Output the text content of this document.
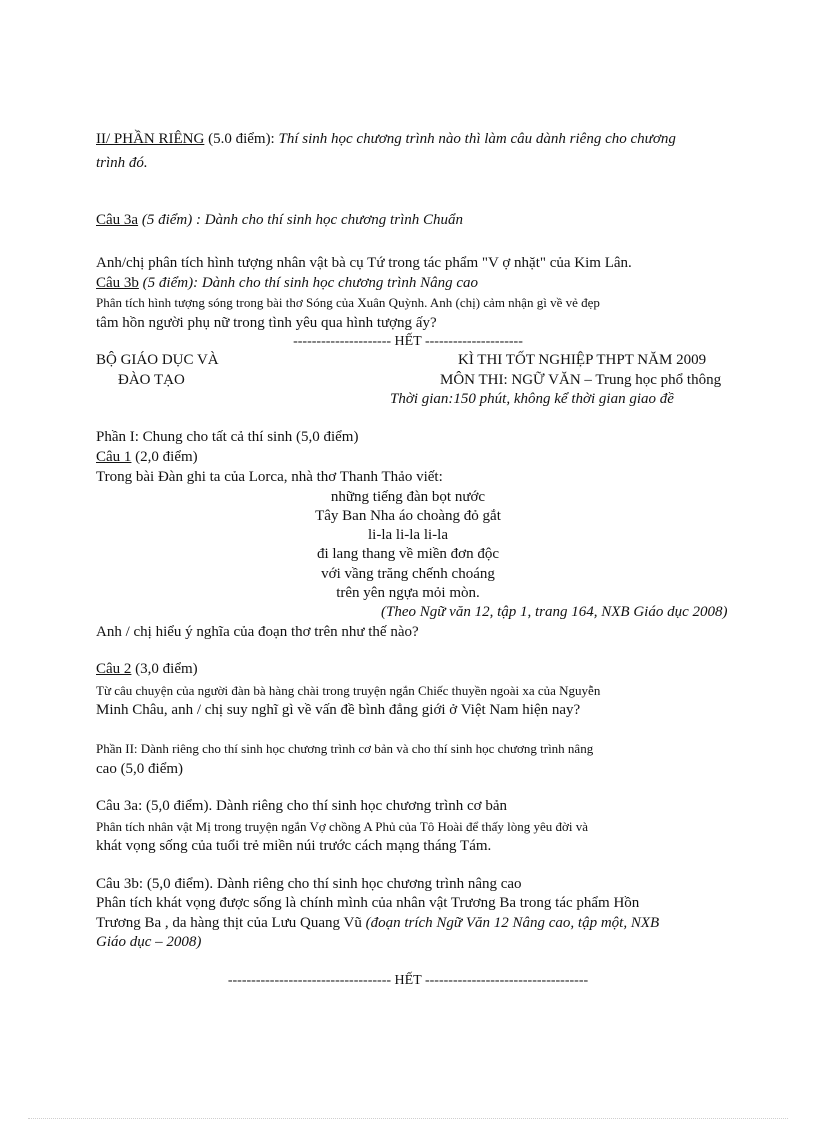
II/ PHẦN RIÊNG (5.0 điểm): Thí sinh học chương trình nào thì làm câu dành riêng cho chương
trình đó.
Câu 3a (5 điểm) : Dành cho thí sinh học chương trình Chuẩn
Anh/chị phân tích hình tượng nhân vật bà cụ Tứ trong tác phẩm "V ợ nhặt" của Kim Lân.
Câu 3b (5 điểm): Dành cho thí sinh học chương trình Nâng cao
Phân tích hình tượng sóng trong bài thơ Sóng của Xuân Quỳnh. Anh (chị) cảm nhận gì về vẻ đẹp
tâm hồn người phụ nữ trong tình yêu qua hình tượng ấy?
--------------------- HẾT ---------------------
BỘ GIÁO DỤC VÀ
ĐÀO TẠO
KÌ THI TỐT NGHIỆP THPT NĂM 2009
MÔN THI: NGỮ VĂN – Trung học phổ thông
Thời gian:150 phút, không kể thời gian giao đề
Phần I: Chung cho tất cả thí sinh (5,0 điểm)
Câu 1 (2,0 điểm)
Trong bài Đàn ghi ta của Lorca, nhà thơ Thanh Thảo viết:
những tiếng đàn bọt nước
Tây Ban Nha áo choàng đỏ gắt
li-la li-la li-la
đi lang thang về miền đơn độc
với vầng trăng chếnh choáng
trên yên ngựa mỏi mòn.
(Theo Ngữ văn 12, tập 1, trang 164, NXB Giáo dục 2008)
Anh / chị hiểu ý nghĩa của đoạn thơ trên như thế nào?
Câu 2 (3,0 điểm)
Từ câu chuyện của người đàn bà hàng chài trong truyện ngắn Chiếc thuyền ngoài xa của Nguyễn
Minh Châu, anh / chị suy nghĩ gì về vấn đề bình đẳng giới ở Việt Nam hiện nay?
Phần II: Dành riêng cho thí sinh học chương trình cơ bản và cho thí sinh học chương trình nâng
cao (5,0 điểm)
Câu 3a: (5,0 điểm). Dành riêng cho thí sinh học chương trình cơ bản
Phân tích nhân vật Mị trong truyện ngắn Vợ chồng A Phủ của Tô Hoài để thấy lòng yêu đời và
khát vọng sống của tuổi trẻ miền núi trước cách mạng tháng Tám.
Câu 3b: (5,0 điểm). Dành riêng cho thí sinh học chương trình nâng cao
Phân tích khát vọng được sống là chính mình của nhân vật Trương Ba trong tác phẩm Hồn
Trương Ba , da hàng thịt của Lưu Quang Vũ (đoạn trích Ngữ Văn 12 Nâng cao, tập một, NXB
Giáo dục – 2008)
----------------------------------- HẾT -----------------------------------
